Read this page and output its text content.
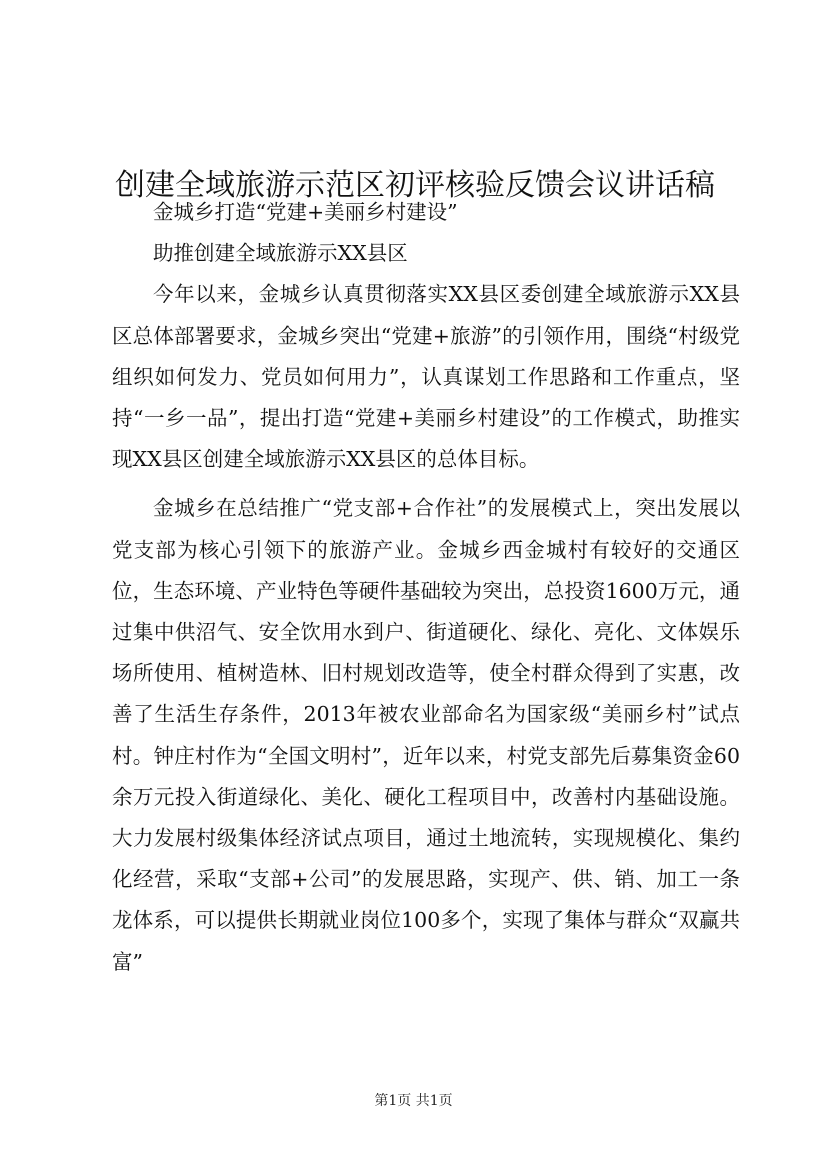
创建全域旅游示范区初评核验反馈会议讲话稿

金城乡打造“党建+美丽乡村建设”

助推创建全域旅游示XX县区

今年以来，金城乡认真贯彻落实XX县区委创建全域旅游示XX县区总体部署要求，金城乡突出“党建+旅游”的引领作用，围绕“村级党组织如何发力、党员如何用力”，认真谋划工作思路和工作重点，坚持“一乡一品”，提出打造“党建+美丽乡村建设”的工作模式，助推实现XX县区创建全域旅游示XX县区的总体目标。

金城乡在总结推广“党支部+合作社”的发展模式上，突出发展以党支部为核心引领下的旅游产业。金城乡西金城村有较好的交通区位，生态环境、产业特色等硬件基础较为突出，总投资1600万元，通过集中供沼气、安全饮用水到户、街道硬化、绿化、亮化、文体娱乐场所使用、植树造林、旧村规划改造等，使全村群众得到了实惠，改善了生活生存条件，2013年被农业部命名为国家级“美丽乡村”试点村。钟庄村作为“全国文明村”，近年以来，村党支部先后募集资金60余万元投入街道绿化、美化、硬化工程项目中，改善村内基础设施。大力发展村级集体经济试点项目，通过土地流转，实现规模化、集约化经营，采取“支部+公司”的发展思路，实现产、供、销、加工一条龙体系，可以提供长期就业岗位100多个，实现了集体与群众“双赢共富”

第1页 共1页
